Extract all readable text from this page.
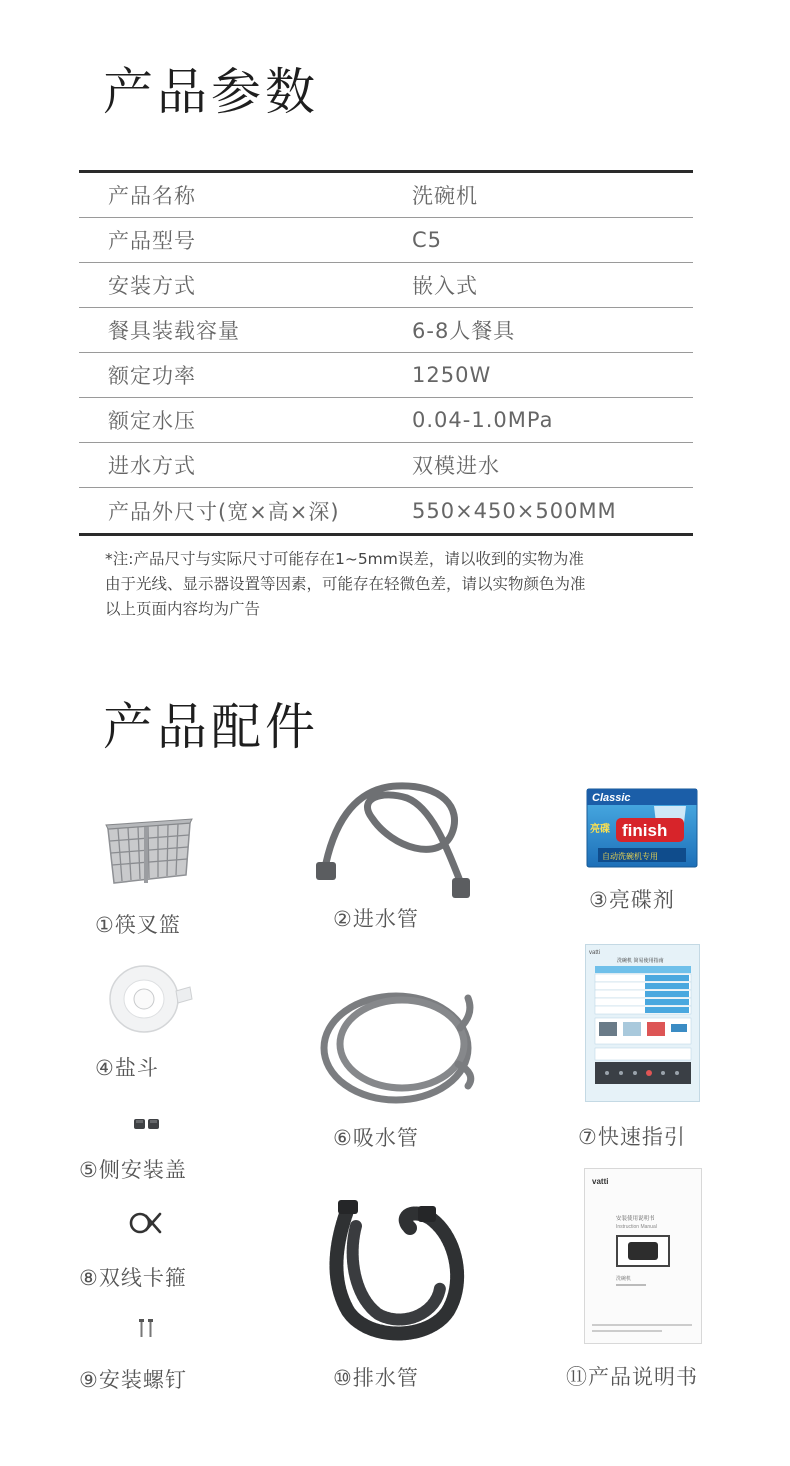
产品参数
产品名称	洗碗机
产品型号	C5
安装方式	嵌入式
餐具装载容量	6-8人餐具
额定功率	1250W
额定水压	0.04-1.0MPa
进水方式	双模进水
产品外尺寸(宽×高×深)	550×450×500MM
*注:产品尺寸与实际尺寸可能存在1~5mm误差，请以收到的实物为准
由于光线、显示器设置等因素，可能存在轻微色差，请以实物颜色为准
以上页面内容均为广告
产品配件
①筷叉篮	②进水管
Classic
finish
亮碟
自动洗碗机专用
③亮碟剂
④盐斗
⑥吸水管
vatti
洗碗机 简易使用指南
⑦快速指引
⑤侧安装盖
⑧双线卡箍
⑨安装螺钉	⑩排水管
vatti
安装使用说明书
Instruction Manual
洗碗机
⑪产品说明书
